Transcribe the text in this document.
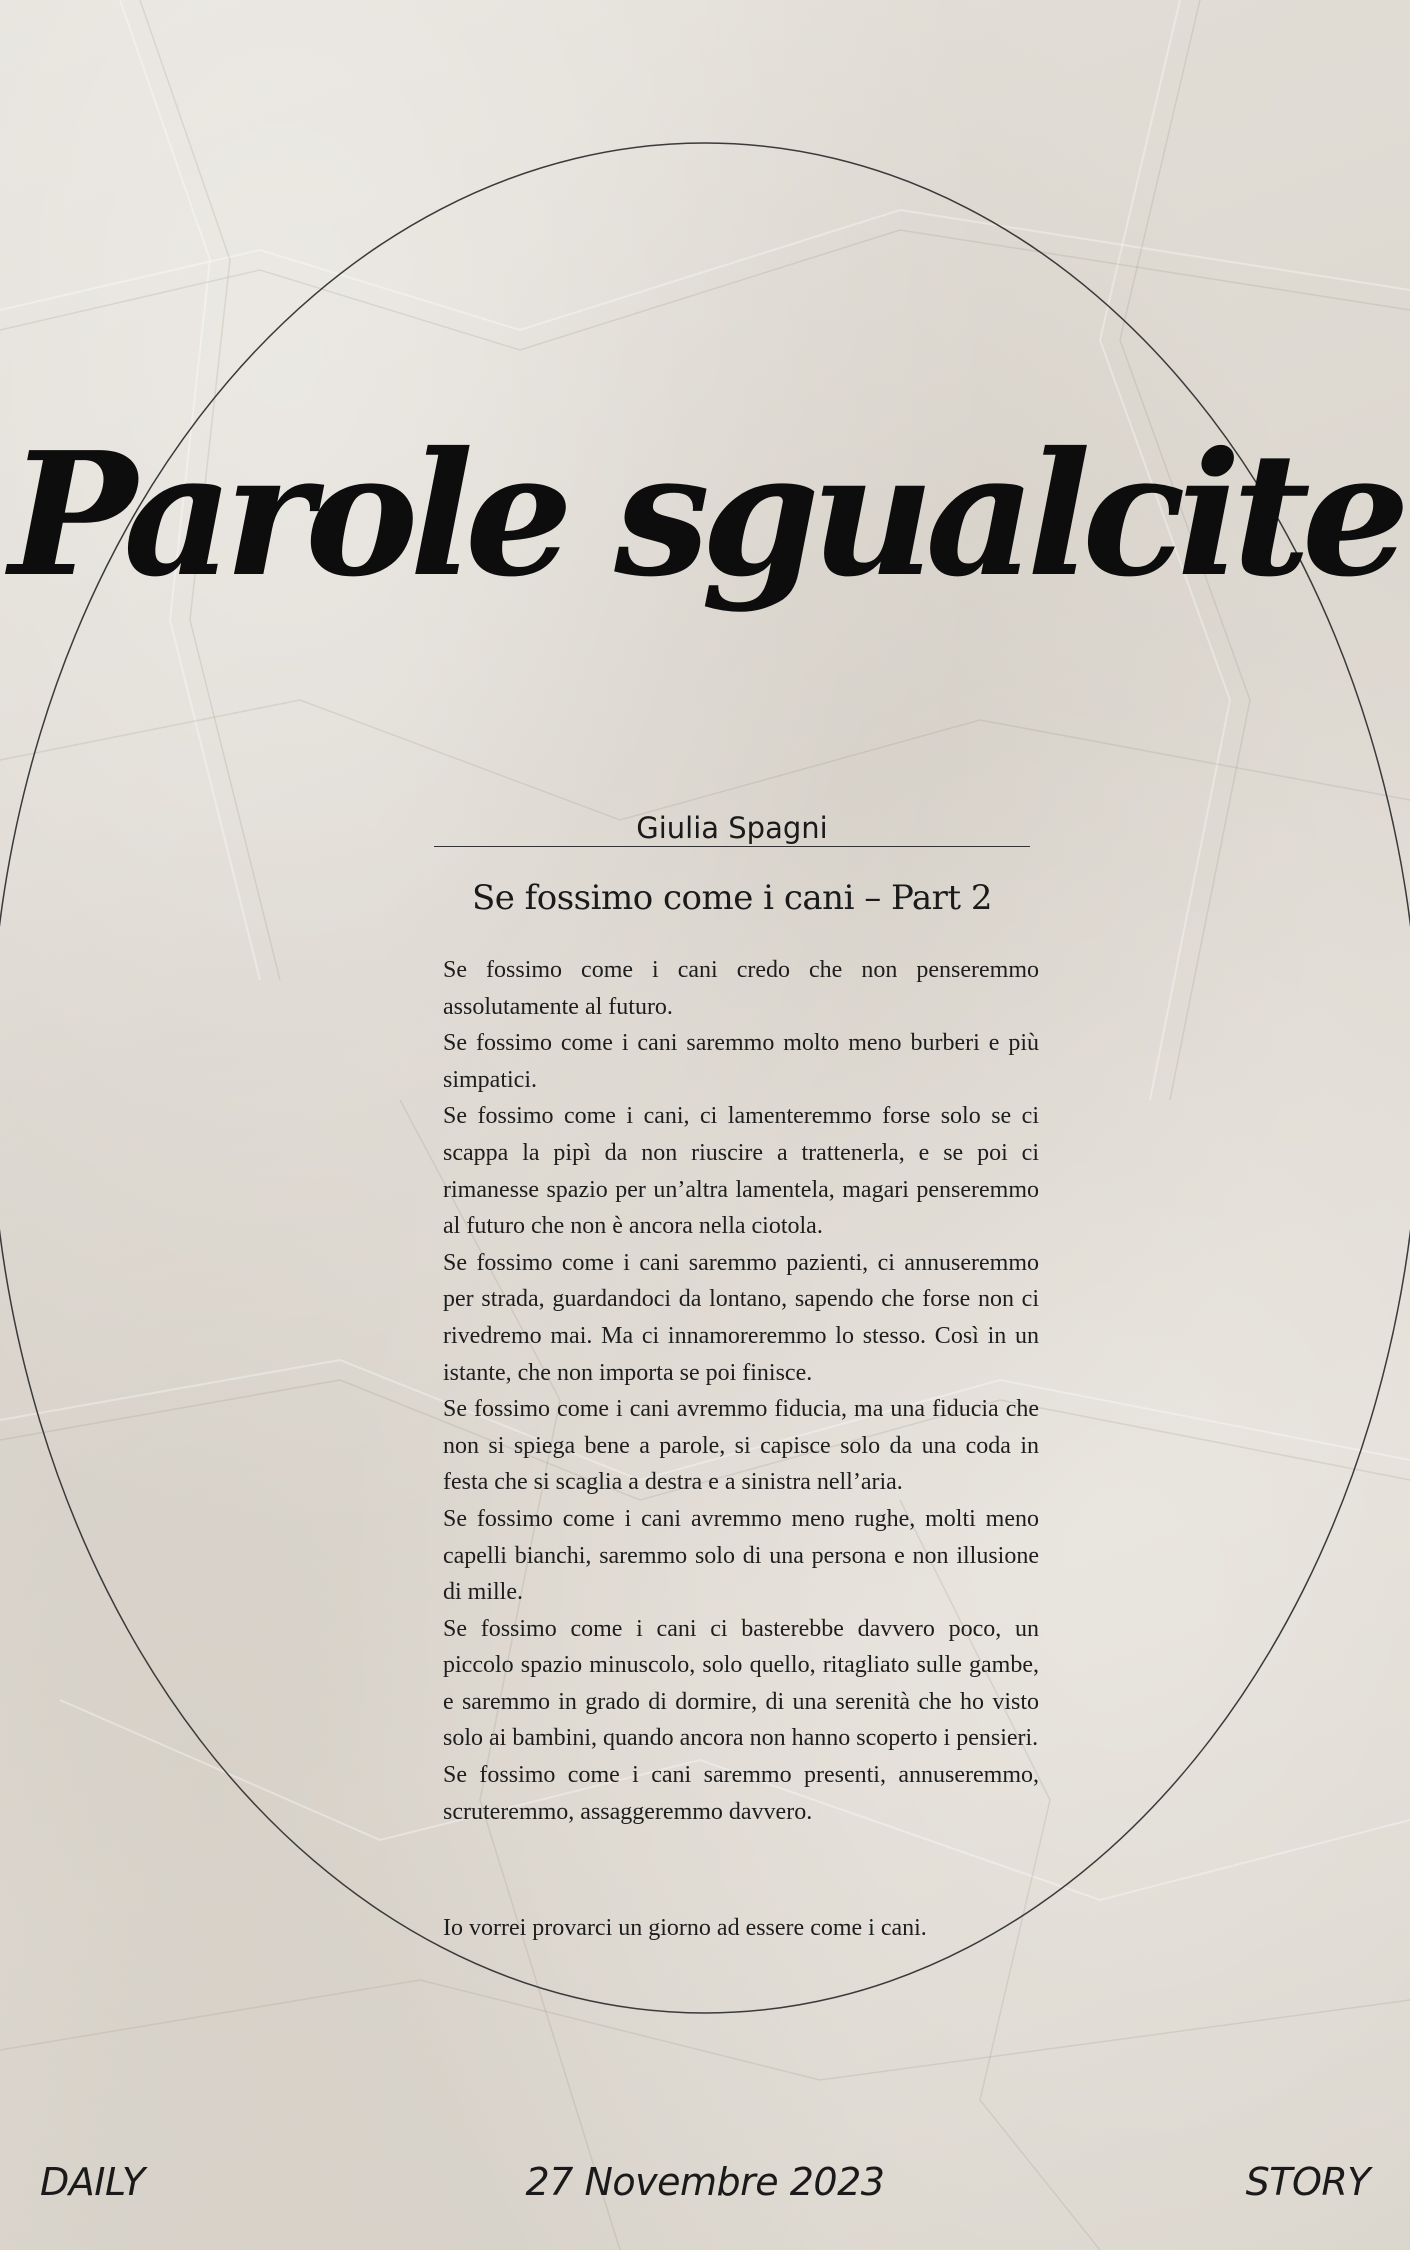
Parole sgualcite
Giulia Spagni
Se fossimo come i cani – Part 2

Se fossimo come i cani credo che non penseremmo assolutamente al futuro.

Se fossimo come i cani saremmo molto meno burberi e più simpatici.

Se fossimo come i cani, ci lamenteremmo forse solo se ci scappa la pipì da non riuscire a trattenerla, e se poi ci rimanesse spazio per un’altra lamentela, magari penseremmo al futuro che non è ancora nella ciotola.

Se fossimo come i cani saremmo pazienti, ci annuseremmo per strada, guardandoci da lontano, sapendo che forse non ci rivedremo mai. Ma ci innamoreremmo lo stesso. Così in un istante, che non importa se poi finisce.

Se fossimo come i cani avremmo fiducia, ma una fiducia che non si spiega bene a parole, si capisce solo da una coda in festa che si scaglia a destra e a sinistra nell’aria.

Se fossimo come i cani avremmo meno rughe, molti meno capelli bianchi, saremmo solo di una persona e non illusione di mille.

Se fossimo come i cani ci basterebbe davvero poco, un piccolo spazio minuscolo, solo quello, ritagliato sulle gambe, e saremmo in grado di dormire, di una serenità che ho visto solo ai bambini, quando ancora non hanno scoperto i pensieri.

Se fossimo come i cani saremmo presenti, annuseremmo, scruteremmo, assaggeremmo davvero.

Io vorrei provarci un giorno ad essere come i cani.
27 Novembre 2023
DAILY	STORY
